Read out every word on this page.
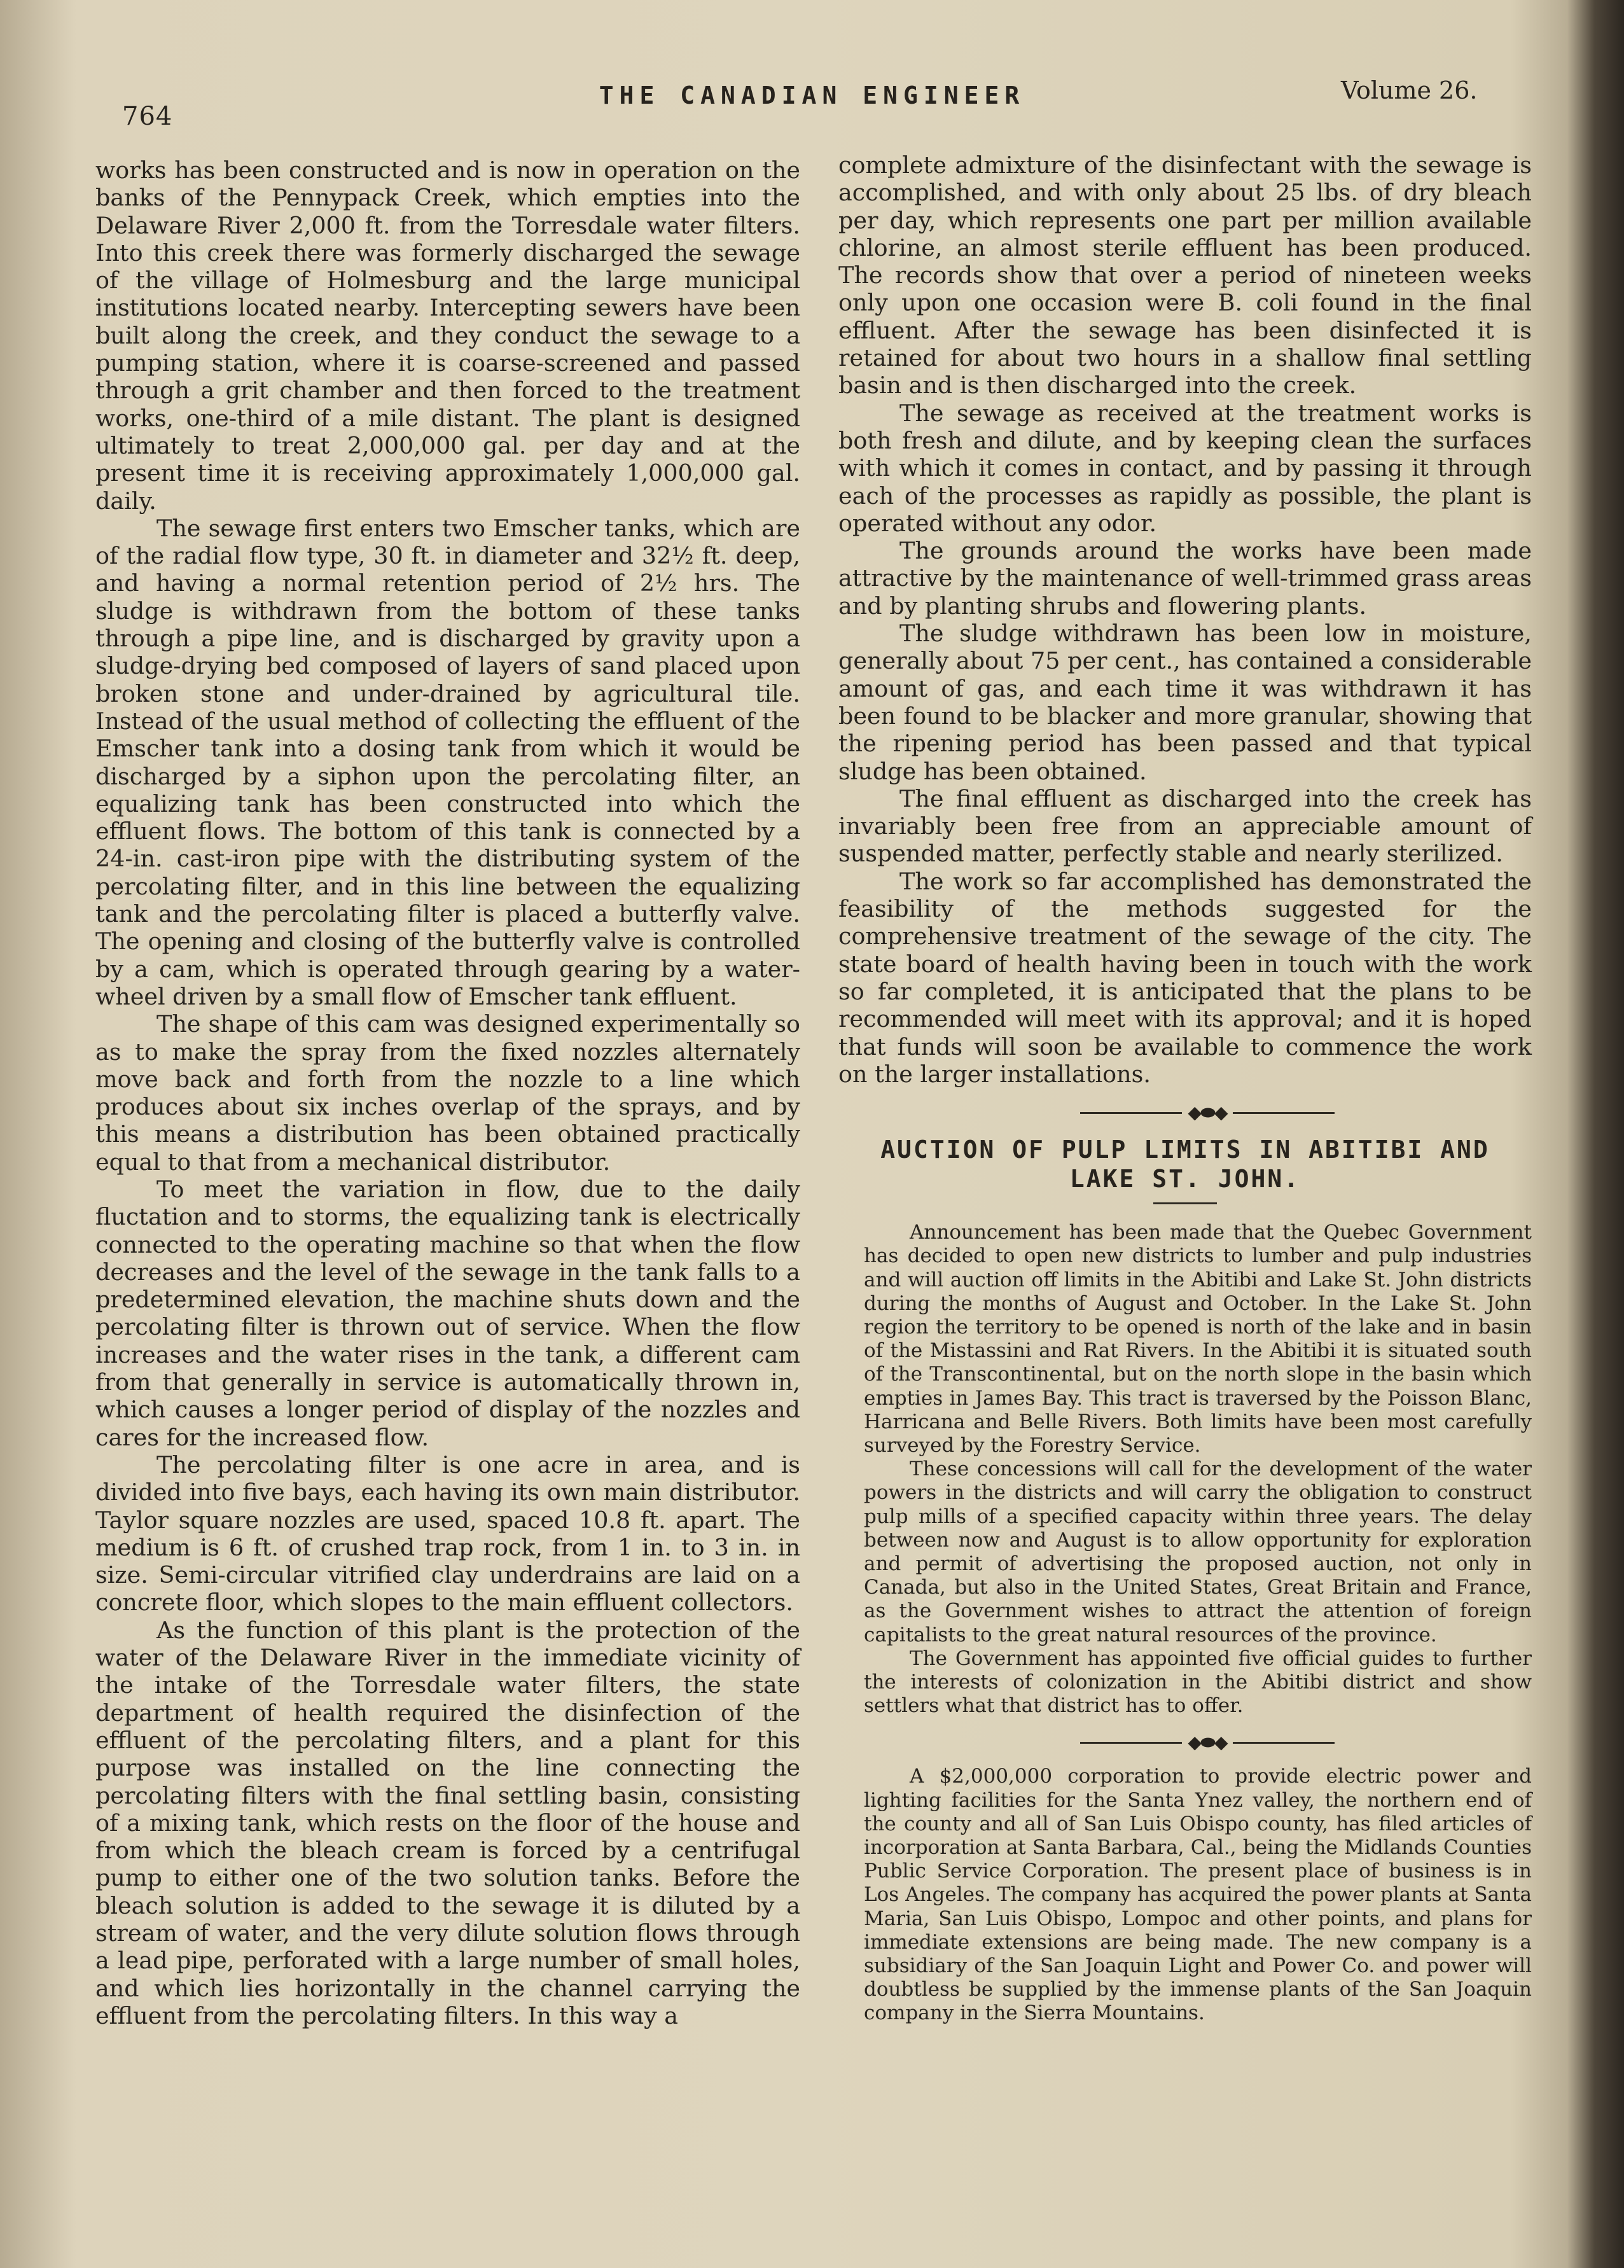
764
THE CANADIAN ENGINEER	Volume 26.

works has been constructed and is now in operation on the banks of the Pennypack Creek, which empties into the Delaware River 2,000 ft. from the Torresdale water filters. Into this creek there was formerly discharged the sewage of the village of Holmesburg and the large municipal institutions located nearby. Intercepting sewers have been built along the creek, and they conduct the sewage to a pumping station, where it is coarse-screened and passed through a grit chamber and then forced to the treatment works, one-third of a mile distant. The plant is designed ultimately to treat 2,000,000 gal. per day and at the present time it is receiving approximately 1,000,000 gal. daily.

The sewage first enters two Emscher tanks, which are of the radial flow type, 30 ft. in diameter and 32½ ft. deep, and having a normal retention period of 2½ hrs. The sludge is withdrawn from the bottom of these tanks through a pipe line, and is discharged by gravity upon a sludge-drying bed composed of layers of sand placed upon broken stone and under-drained by agricultural tile. Instead of the usual method of collecting the effluent of the Emscher tank into a dosing tank from which it would be discharged by a siphon upon the percolating filter, an equalizing tank has been constructed into which the effluent flows. The bottom of this tank is connected by a 24-in. cast-iron pipe with the distributing system of the percolating filter, and in this line between the equalizing tank and the percolating filter is placed a butterfly valve. The opening and closing of the butterfly valve is controlled by a cam, which is operated through gearing by a water-wheel driven by a small flow of Emscher tank effluent.

The shape of this cam was designed experimentally so as to make the spray from the fixed nozzles alternately move back and forth from the nozzle to a line which produces about six inches overlap of the sprays, and by this means a distribution has been obtained practically equal to that from a mechanical distributor.

To meet the variation in flow, due to the daily fluctation and to storms, the equalizing tank is electrically connected to the operating machine so that when the flow decreases and the level of the sewage in the tank falls to a predetermined elevation, the machine shuts down and the percolating filter is thrown out of service. When the flow increases and the water rises in the tank, a different cam from that generally in service is automatically thrown in, which causes a longer period of display of the nozzles and cares for the increased flow.

The percolating filter is one acre in area, and is divided into five bays, each having its own main distributor. Taylor square nozzles are used, spaced 10.8 ft. apart. The medium is 6 ft. of crushed trap rock, from 1 in. to 3 in. in size. Semi-circular vitrified clay underdrains are laid on a concrete floor, which slopes to the main effluent collectors.

As the function of this plant is the protection of the water of the Delaware River in the immediate vicinity of the intake of the Torresdale water filters, the state department of health required the disinfection of the effluent of the percolating filters, and a plant for this purpose was installed on the line connecting the percolating filters with the final settling basin, consisting of a mixing tank, which rests on the floor of the house and from which the bleach cream is forced by a centrifugal pump to either one of the two solution tanks. Before the bleach solution is added to the sewage it is diluted by a stream of water, and the very dilute solution flows through a lead pipe, perforated with a large number of small holes, and which lies horizontally in the channel carrying the effluent from the percolating filters. In this way a

complete admixture of the disinfectant with the sewage is accomplished, and with only about 25 lbs. of dry bleach per day, which represents one part per million available chlorine, an almost sterile effluent has been produced. The records show that over a period of nineteen weeks only upon one occasion were B. coli found in the final effluent. After the sewage has been disinfected it is retained for about two hours in a shallow final settling basin and is then discharged into the creek.

The sewage as received at the treatment works is both fresh and dilute, and by keeping clean the surfaces with which it comes in contact, and by passing it through each of the processes as rapidly as possible, the plant is operated without any odor.

The grounds around the works have been made attractive by the maintenance of well-trimmed grass areas and by planting shrubs and flowering plants.

The sludge withdrawn has been low in moisture, generally about 75 per cent., has contained a considerable amount of gas, and each time it was withdrawn it has been found to be blacker and more granular, showing that the ripening period has been passed and that typical sludge has been obtained.

The final effluent as discharged into the creek has invariably been free from an appreciable amount of suspended matter, perfectly stable and nearly sterilized.

The work so far accomplished has demonstrated the feasibility of the methods suggested for the comprehensive treatment of the sewage of the city. The state board of health having been in touch with the work so far completed, it is anticipated that the plans to be recommended will meet with its approval; and it is hoped that funds will soon be available to commence the work on the larger installations.

◆⬬◆
AUCTION OF PULP LIMITS IN ABITIBI AND
LAKE ST. JOHN.

Announcement has been made that the Quebec Government has decided to open new districts to lumber and pulp industries and will auction off limits in the Abitibi and Lake St. John districts during the months of August and October. In the Lake St. John region the territory to be opened is north of the lake and in basin of the Mistassini and Rat Rivers. In the Abitibi it is situated south of the Transcontinental, but on the north slope in the basin which empties in James Bay. This tract is traversed by the Poisson Blanc, Harricana and Belle Rivers. Both limits have been most carefully surveyed by the Forestry Service.

These concessions will call for the development of the water powers in the districts and will carry the obligation to construct pulp mills of a specified capacity within three years. The delay between now and August is to allow opportunity for exploration and permit of advertising the proposed auction, not only in Canada, but also in the United States, Great Britain and France, as the Government wishes to attract the attention of foreign capitalists to the great natural resources of the province.

The Government has appointed five official guides to further the interests of colonization in the Abitibi district and show settlers what that district has to offer.

◆⬬◆

A $2,000,000 corporation to provide electric power and lighting facilities for the Santa Ynez valley, the northern end of the county and all of San Luis Obispo county, has filed articles of incorporation at Santa Barbara, Cal., being the Midlands Counties Public Service Corporation. The present place of business is in Los Angeles. The company has acquired the power plants at Santa Maria, San Luis Obispo, Lompoc and other points, and plans for immediate extensions are being made. The new company is a subsidiary of the San Joaquin Light and Power Co. and power will doubtless be supplied by the immense plants of the San Joaquin company in the Sierra Mountains.
